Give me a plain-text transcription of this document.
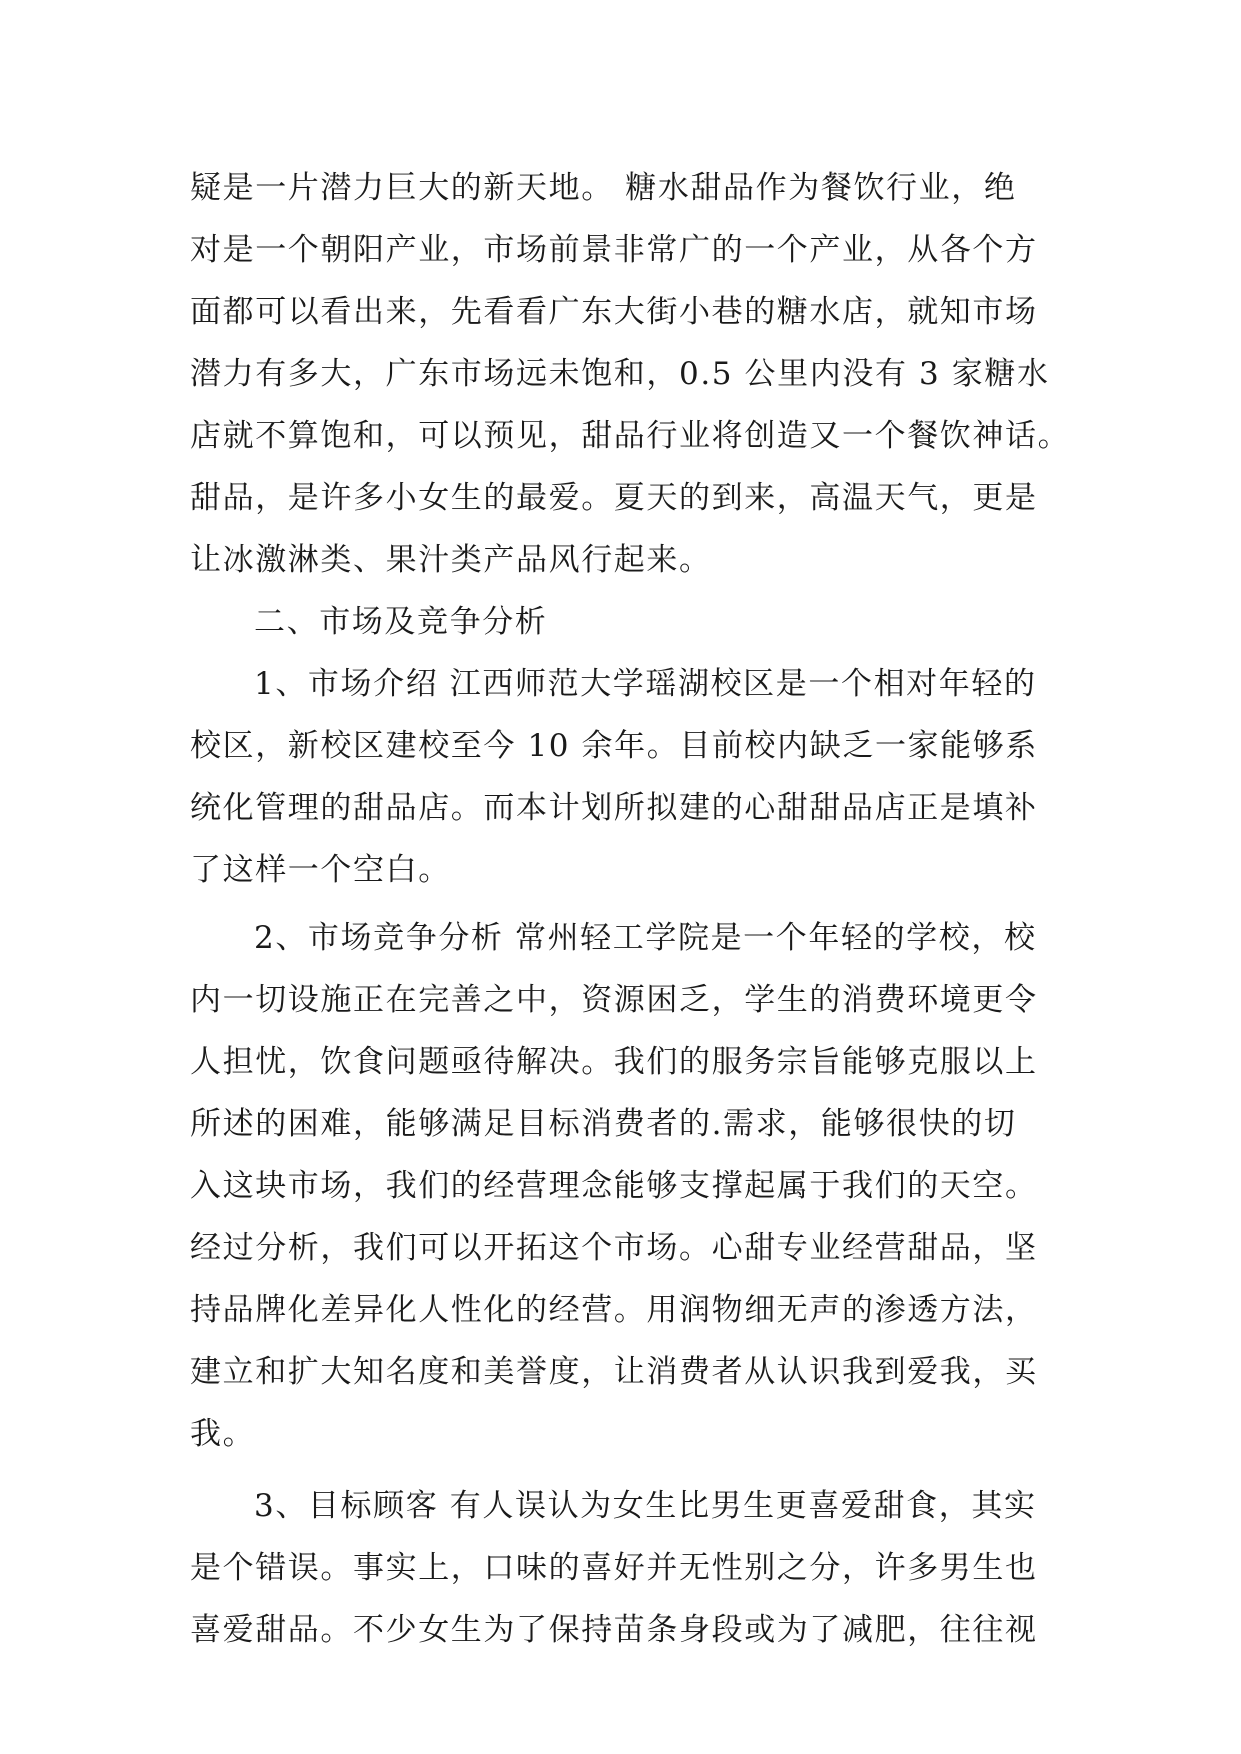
疑是一片潜力巨大的新天地。 糖水甜品作为餐饮行业，绝
对是一个朝阳产业，市场前景非常广的一个产业，从各个方
面都可以看出来，先看看广东大街小巷的糖水店，就知市场
潜力有多大，广东市场远未饱和，0.5 公里内没有 3 家糖水
店就不算饱和，可以预见，甜品行业将创造又一个餐饮神话。
甜品，是许多小女生的最爱。夏天的到来，高温天气，更是
让冰激淋类、果汁类产品风行起来。
二、市场及竞争分析
1、市场介绍 江西师范大学瑶湖校区是一个相对年轻的
校区，新校区建校至今 10 余年。目前校内缺乏一家能够系
统化管理的甜品店。而本计划所拟建的心甜甜品店正是填补
了这样一个空白。
2、市场竞争分析 常州轻工学院是一个年轻的学校，校
内一切设施正在完善之中，资源困乏，学生的消费环境更令
人担忧，饮食问题亟待解决。我们的服务宗旨能够克服以上
所述的困难，能够满足目标消费者的.需求，能够很快的切
入这块市场，我们的经营理念能够支撑起属于我们的天空。
经过分析，我们可以开拓这个市场。心甜专业经营甜品，坚
持品牌化差异化人性化的经营。用润物细无声的渗透方法，
建立和扩大知名度和美誉度，让消费者从认识我到爱我，买
我。
3、目标顾客 有人误认为女生比男生更喜爱甜食，其实
是个错误。事实上，口味的喜好并无性别之分，许多男生也
喜爱甜品。不少女生为了保持苗条身段或为了减肥，往往视
